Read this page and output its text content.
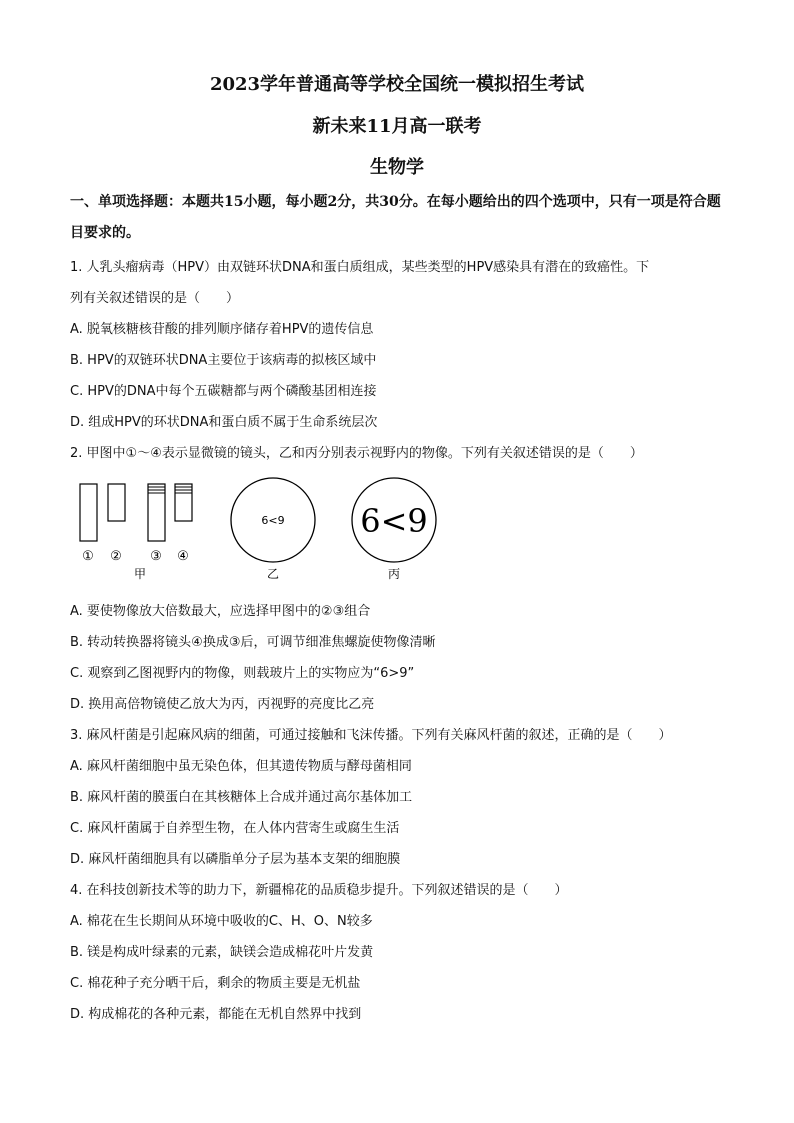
2023学年普通高等学校全国统一模拟招生考试
新未来11月高一联考
生物学
一、单项选择题：本题共15小题，每小题2分，共30分。在每小题给出的四个选项中，只有一项是符合题目要求的。
1. 人乳头瘤病毒（HPV）由双链环状DNA和蛋白质组成，某些类型的HPV感染具有潜在的致癌性。下
列有关叙述错误的是（　　）
A. 脱氧核糖核苷酸的排列顺序储存着HPV的遗传信息
B. HPV的双链环状DNA主要位于该病毒的拟核区域中
C. HPV的DNA中每个五碳糖都与两个磷酸基团相连接
D. 组成HPV的环状DNA和蛋白质不属于生命系统层次
2. 甲图中①～④表示显微镜的镜头，乙和丙分别表示视野内的物像。下列有关叙述错误的是（　　）
① ② ③ ④
甲
6<9
乙
6<9
丙
A. 要使物像放大倍数最大，应选择甲图中的②③组合
B. 转动转换器将镜头④换成③后，可调节细准焦螺旋使物像清晰
C. 观察到乙图视野内的物像，则载玻片上的实物应为“6>9”
D. 换用高倍物镜使乙放大为丙，丙视野的亮度比乙亮
3. 麻风杆菌是引起麻风病的细菌，可通过接触和飞沫传播。下列有关麻风杆菌的叙述，正确的是（　　）
A. 麻风杆菌细胞中虽无染色体，但其遗传物质与酵母菌相同
B. 麻风杆菌的膜蛋白在其核糖体上合成并通过高尔基体加工
C. 麻风杆菌属于自养型生物，在人体内营寄生或腐生生活
D. 麻风杆菌细胞具有以磷脂单分子层为基本支架的细胞膜
4. 在科技创新技术等的助力下，新疆棉花的品质稳步提升。下列叙述错误的是（　　）
A. 棉花在生长期间从环境中吸收的C、H、O、N较多
B. 镁是构成叶绿素的元素，缺镁会造成棉花叶片发黄
C. 棉花种子充分晒干后，剩余的物质主要是无机盐
D. 构成棉花的各种元素，都能在无机自然界中找到
